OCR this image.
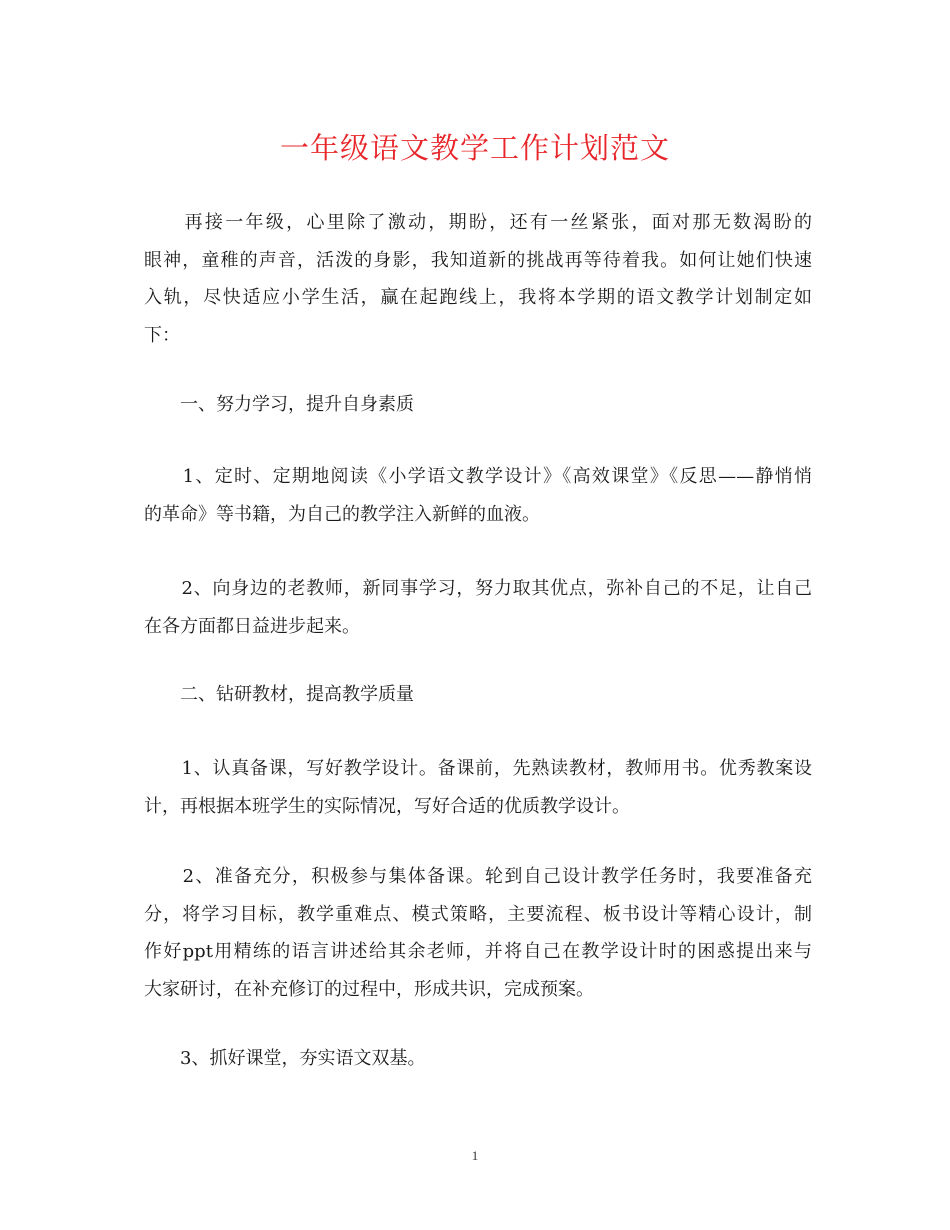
一年级语文教学工作计划范文
　　再接一年级，心里除了激动，期盼，还有一丝紧张，面对那无数渴盼的
眼神，童稚的声音，活泼的身影，我知道新的挑战再等待着我。如何让她们快速
入轨，尽快适应小学生活，赢在起跑线上，我将本学期的语文教学计划制定如
下：
一、努力学习，提升自身素质
　　1、定时、定期地阅读《小学语文教学设计》《高效课堂》《反思——静悄悄
的革命》等书籍，为自己的教学注入新鲜的血液。
　　2、向身边的老教师，新同事学习，努力取其优点，弥补自己的不足，让自己
在各方面都日益进步起来。
二、钻研教材，提高教学质量
　　1、认真备课，写好教学设计。备课前，先熟读教材，教师用书。优秀教案设
计，再根据本班学生的实际情况，写好合适的优质教学设计。
　　2、准备充分，积极参与集体备课。轮到自己设计教学任务时，我要准备充
分，将学习目标，教学重难点、模式策略，主要流程、板书设计等精心设计，制
作好ppt用精练的语言讲述给其余老师，并将自己在教学设计时的困惑提出来与
大家研讨，在补充修订的过程中，形成共识，完成预案。
3、抓好课堂，夯实语文双基。
1
